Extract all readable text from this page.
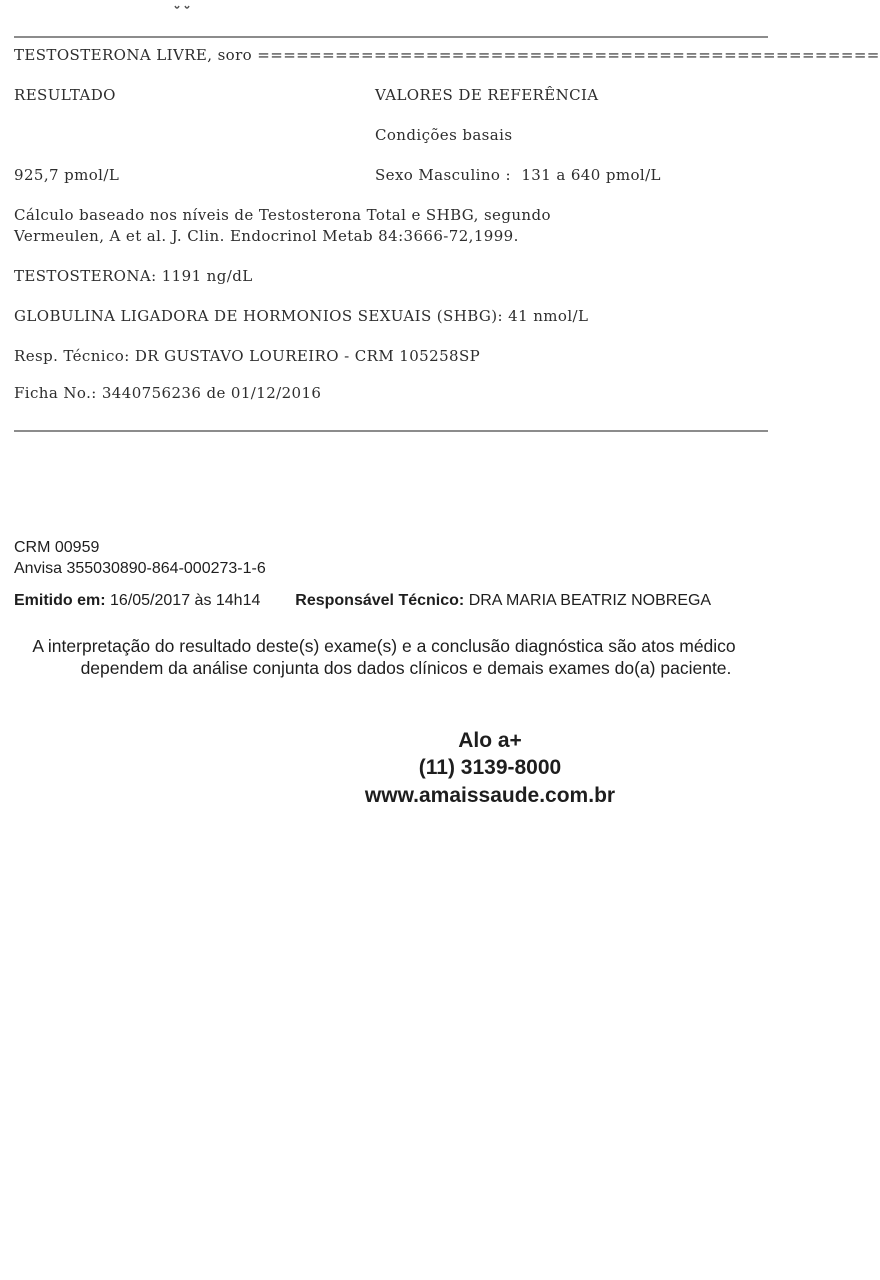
TESTOSTERONA LIVRE, soro ================================================
RESULTADO	VALORES DE REFERÊNCIA
Condições basais
925,7 pmol/L	Sexo Masculino :  131 a 640 pmol/L
Cálculo baseado nos níveis de Testosterona Total e SHBG, segundo
Vermeulen, A et al. J. Clin. Endocrinol Metab 84:3666-72,1999.
TESTOSTERONA: 1191 ng/dL
GLOBULINA LIGADORA DE HORMONIOS SEXUAIS (SHBG): 41 nmol/L
Resp. Técnico: DR GUSTAVO LOUREIRO - CRM 105258SP
Ficha No.: 3440756236 de 01/12/2016
CRM 00959
Anvisa 355030890-864-000273-1-6
Emitido em: 16/05/2017 às 14h14 Responsável Técnico: DRA MARIA BEATRIZ NOBREGA
A interpretação do resultado deste(s) exame(s) e a conclusão diagnóstica são atos médico
dependem da análise conjunta dos dados clínicos e demais exames do(a) paciente.
Alo a+
(11) 3139-8000
www.amaissaude.com.br
